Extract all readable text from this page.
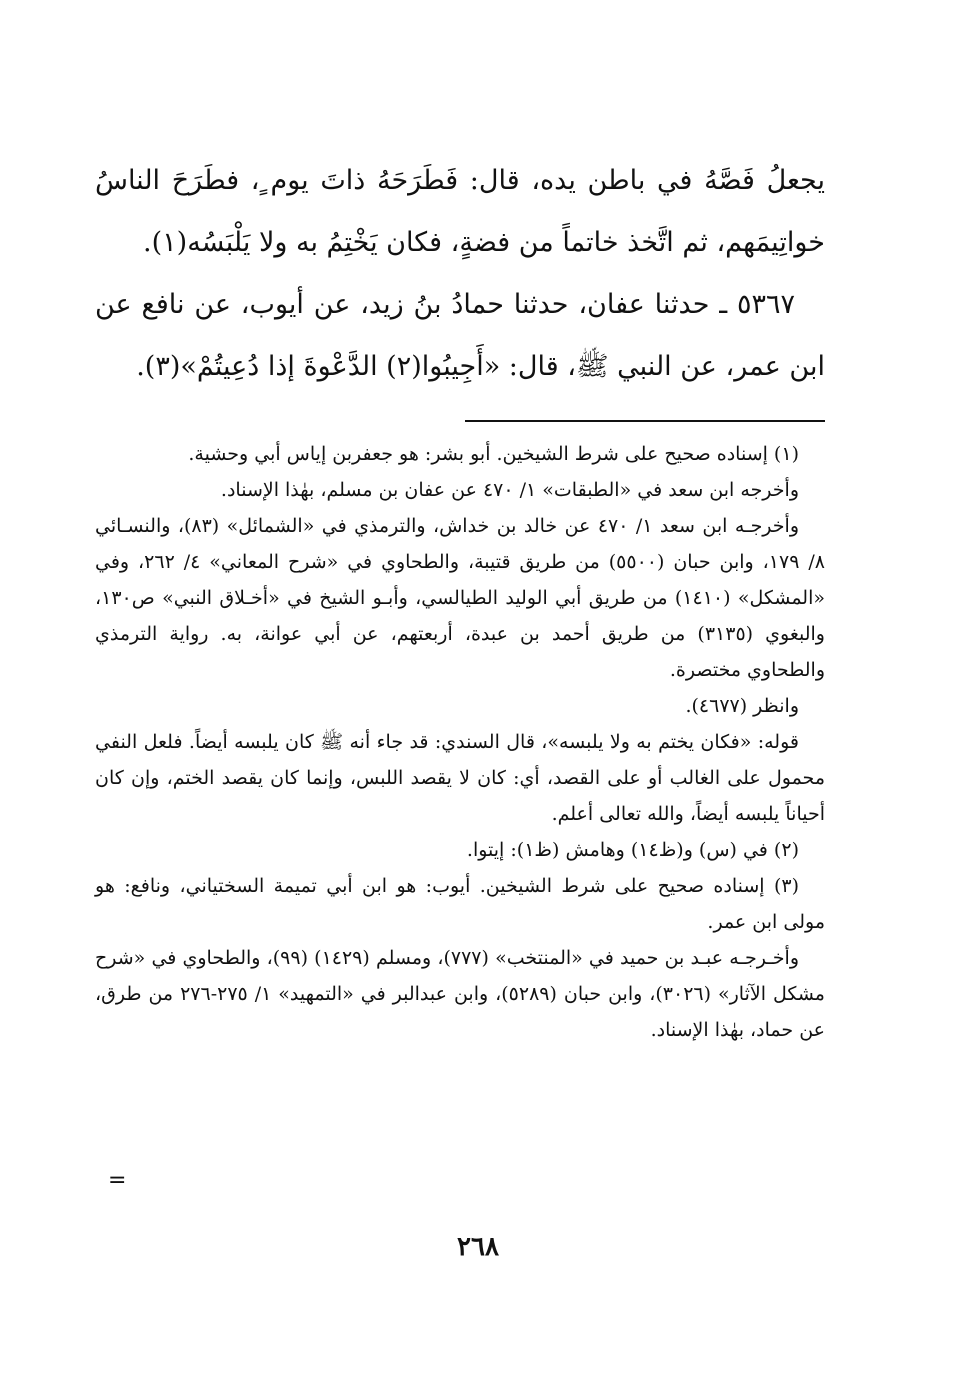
يجعلُ فَصَّهُ في باطن يده، قال: فَطَرَحَهُ ذاتَ يوم ٍ، فطَرَحَ الناسُ خواتِيمَهم، ثم اتَّخذ خاتماً من فضةٍ، فكان يَخْتِمُ به ولا يَلْبَسُه(١).

٥٣٦٧ ـ حدثنا عفان، حدثنا حمادُ بنُ زيد، عن أيوب، عن نافع عن ابن عمر، عن النبي ﷺ، قال: «أَجِيبُوا(٢) الدَّعْوةَ إذا دُعِيتُمْ»(٣).

(١) إسناده صحيح على شرط الشيخين. أبو بشر: هو جعفربن إياس أبي وحشية.

وأخرجه ابن سعد في «الطبقات» ١/ ٤٧٠ عن عفان بن مسلم، بهٰذا الإسناد.

وأخرجـه ابن سعد ١/ ٤٧٠ عن خالد بن خداش، والترمذي في «الشمائل» (٨٣)، والنسـائي ٨/ ١٧٩، وابن حبان (٥٥٠٠) من طريق قتيبة، والطحاوي في «شرح المعاني» ٤/ ٢٦٢، وفي «المشكل» (١٤١٠) من طريق أبي الوليد الطيالسي، وأبـو الشيخ في «أخـلاق النبي» ص١٣٠، والبغوي (٣١٣٥) من طريق أحمد بن عبدة، أربعتهم، عن أبي عوانة، به. رواية الترمذي والطحاوي مختصرة.

وانظر (٤٦٧٧).

قوله: «فكان يختم به ولا يلبسه»، قال السندي: قد جاء أنه ﷺ كان يلبسه أيضاً. فلعل النفي محمول على الغالب أو على القصد، أي: كان لا يقصد اللبس، وإنما كان يقصد الختم، وإن كان أحياناً يلبسه أيضاً، والله تعالى أعلم.

(٢) في (س) و(ظ١٤) وهامش (ظ١): إيتوا.

(٣) إسناده صحيح على شرط الشيخين. أيوب: هو ابن أبي تميمة السختياني، ونافع: هو مولى ابن عمر.

وأخـرجـه عبـد بن حميد في «المنتخب» (٧٧٧)، ومسلم (١٤٢٩) (٩٩)، والطحاوي في «شرح مشكل الآثار» (٣٠٢٦)، وابن حبان (٥٢٨٩)، وابن عبدالبر في «التمهيد» ١/ ٢٧٥-٢٧٦ من طرق، عن حماد، بهٰذا الإسناد.

=
٢٦٨
